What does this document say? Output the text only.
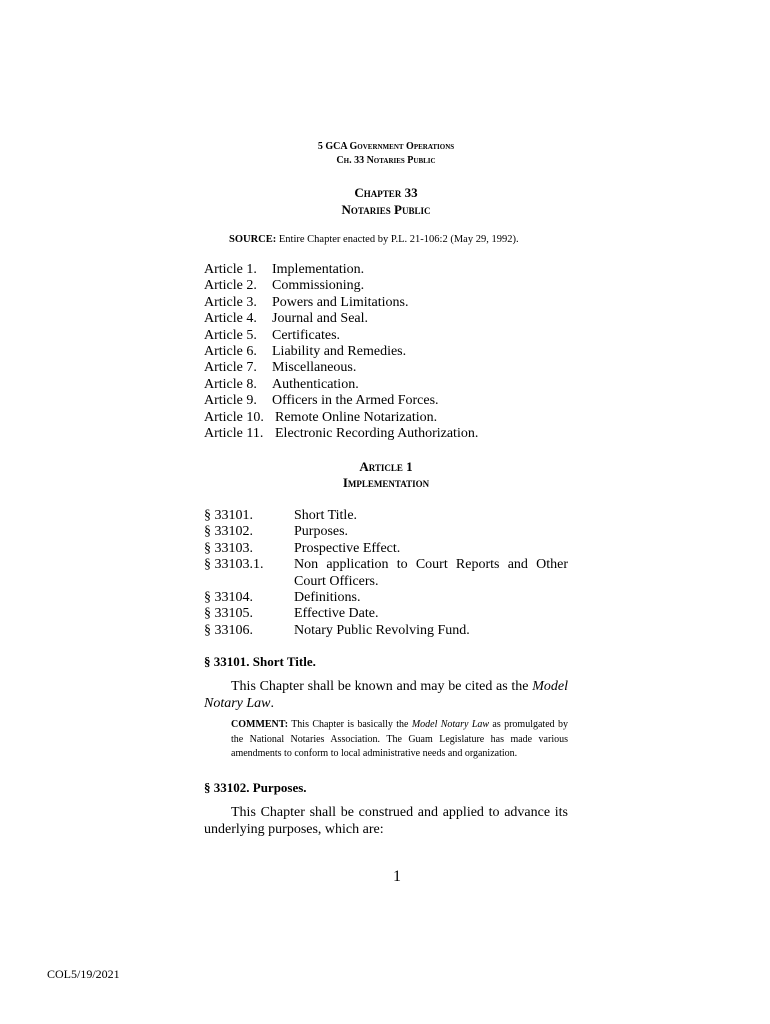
5 GCA Government Operations
Ch. 33 Notaries Public
Chapter 33
Notaries Public
SOURCE: Entire Chapter enacted by P.L. 21-106:2 (May 29, 1992).
Article 1.	Implementation.
Article 2.	Commissioning.
Article 3.	Powers and Limitations.
Article 4.	Journal and Seal.
Article 5.	Certificates.
Article 6.	Liability and Remedies.
Article 7.	Miscellaneous.
Article 8.	Authentication.
Article 9.	Officers in the Armed Forces.
Article 10. Remote Online Notarization.
Article 11. Electronic Recording Authorization.
Article 1
Implementation
§ 33101.	Short Title.
§ 33102.	Purposes.
§ 33103.	Prospective Effect.
§ 33103.1.	Non application to Court Reports and Other Court Officers.
§ 33104.	Definitions.
§ 33105.	Effective Date.
§ 33106.	Notary Public Revolving Fund.
§ 33101. Short Title.
This Chapter shall be known and may be cited as the Model Notary Law.
COMMENT: This Chapter is basically the Model Notary Law as promulgated by the National Notaries Association. The Guam Legislature has made various amendments to conform to local administrative needs and organization.
§ 33102. Purposes.
This Chapter shall be construed and applied to advance its underlying purposes, which are:
1
COL5/19/2021
